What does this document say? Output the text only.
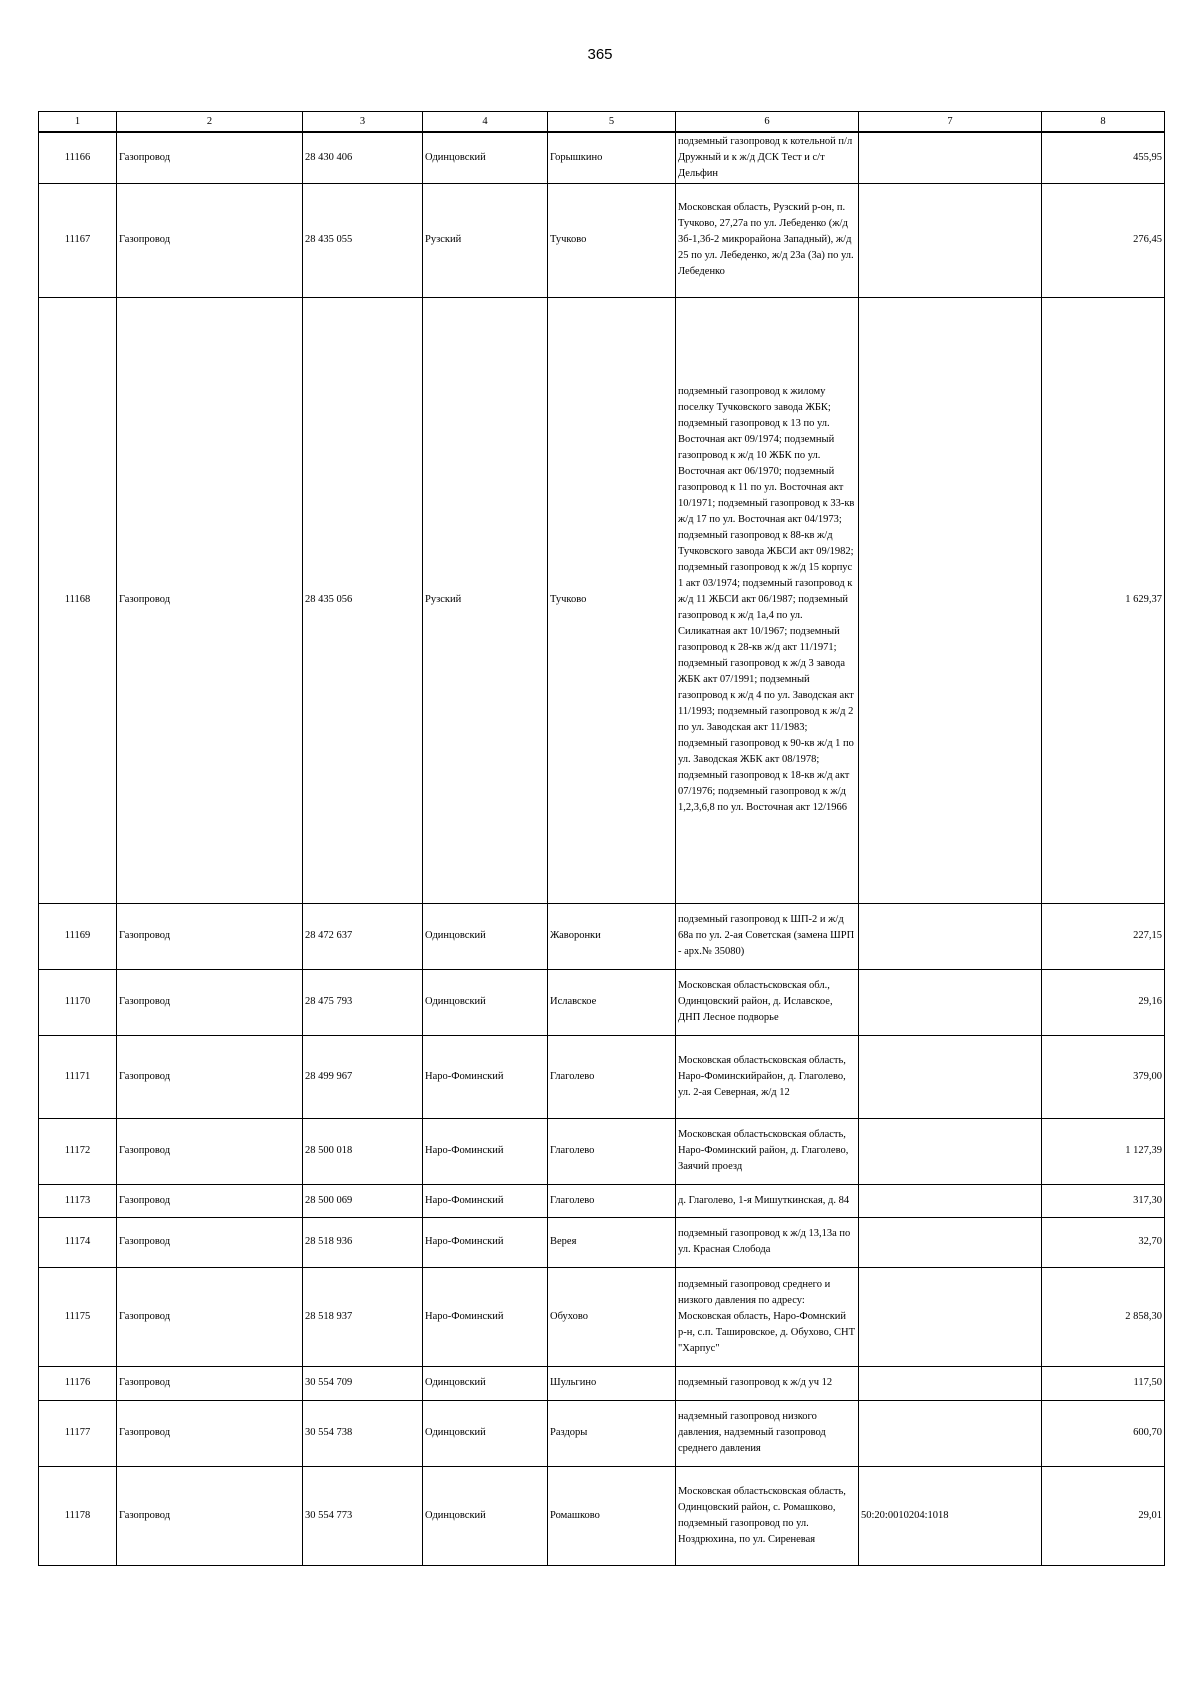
365
1	2	3	4	5	6	7	8
11166	Газопровод	28 430 406	Одинцовский	Горышкино	подземный газопровод к котельной п/л Дружный и к ж/д ДСК Тест и с/т Дельфин		455,95
11167	Газопровод	28 435 055	Рузский	Тучково	Московская область, Рузский р-он, п. Тучково, 27,27а по ул. Лебеденко (ж/д 3б-1,3б-2 микрорайона Западный), ж/д 25 по ул. Лебеденко, ж/д 23а (3а) по ул. Лебеденко		276,45
11168	Газопровод	28 435 056	Рузский	Тучково	подземный газопровод к жилому поселку Тучковского завода ЖБК; подземный газопровод к 13 по ул. Восточная акт 09/1974; подземный газопровод к ж/д 10 ЖБК по ул. Восточная акт 06/1970; подземный газопровод к 11 по ул. Восточная акт 10/1971; подземный газопровод к 33-кв ж/д 17 по ул. Восточная акт 04/1973; подземный газопровод к 88-кв ж/д Тучковского завода ЖБСИ акт 09/1982; подземный газопровод к ж/д 15 корпус 1 акт 03/1974; подземный газопровод к ж/д 11 ЖБСИ акт 06/1987; подземный газопровод к ж/д 1а,4 по ул. Силикатная акт 10/1967; подземный газопровод к 28-кв ж/д акт 11/1971; подземный газопровод к ж/д 3 завода ЖБК акт 07/1991; подземный газопровод к ж/д 4 по ул. Заводская акт 11/1993; подземный газопровод к ж/д 2 по ул. Заводская акт 11/1983; подземный газопровод к 90-кв ж/д 1 по ул. Заводская ЖБК акт 08/1978; подземный газопровод к 18-кв ж/д акт 07/1976; подземный газопровод к ж/д 1,2,3,6,8 по ул. Восточная акт 12/1966		1 629,37
11169	Газопровод	28 472 637	Одинцовский	Жаворонки	подземный газопровод к ШП-2 и ж/д 68а по ул. 2-ая Советская (замена ШРП - арх.№ 35080)		227,15
11170	Газопровод	28 475 793	Одинцовский	Иславское	Московская областьсковская обл., Одинцовский район, д. Иславское, ДНП Лесное подворье		29,16
11171	Газопровод	28 499 967	Наро-Фоминский	Глаголево	Московская областьсковская область, Наро-Фоминскийрайон, д. Глаголево, ул. 2-ая Северная, ж/д 12		379,00
11172	Газопровод	28 500 018	Наро-Фоминский	Глаголево	Московская областьсковская область, Наро-Фоминский район, д. Глаголево, Заячий проезд		1 127,39
11173	Газопровод	28 500 069	Наро-Фоминский	Глаголево	д. Глаголево, 1-я Мишуткинская, д. 84		317,30
11174	Газопровод	28 518 936	Наро-Фоминский	Верея	подземный газопровод к ж/д 13,13а по ул. Красная Слобода		32,70
11175	Газопровод	28 518 937	Наро-Фоминский	Обухово	подземный газопровод среднего и низкого давления по адресу: Московская область, Наро-Фомнский р-н, с.п. Ташировское, д. Обухово, СНТ "Харпус"		2 858,30
11176	Газопровод	30 554 709	Одинцовский	Шульгино	подземный газопровод к ж/д уч 12		117,50
11177	Газопровод	30 554 738	Одинцовский	Раздоры	надземный газопровод низкого давления, надземный газопровод среднего давления		600,70
11178	Газопровод	30 554 773	Одинцовский	Ромашково	Московская областьсковская область, Одинцовский район, с. Ромашково, подземный газопровод по ул. Ноздрюхина, по ул. Сиреневая	50:20:0010204:1018	29,01
